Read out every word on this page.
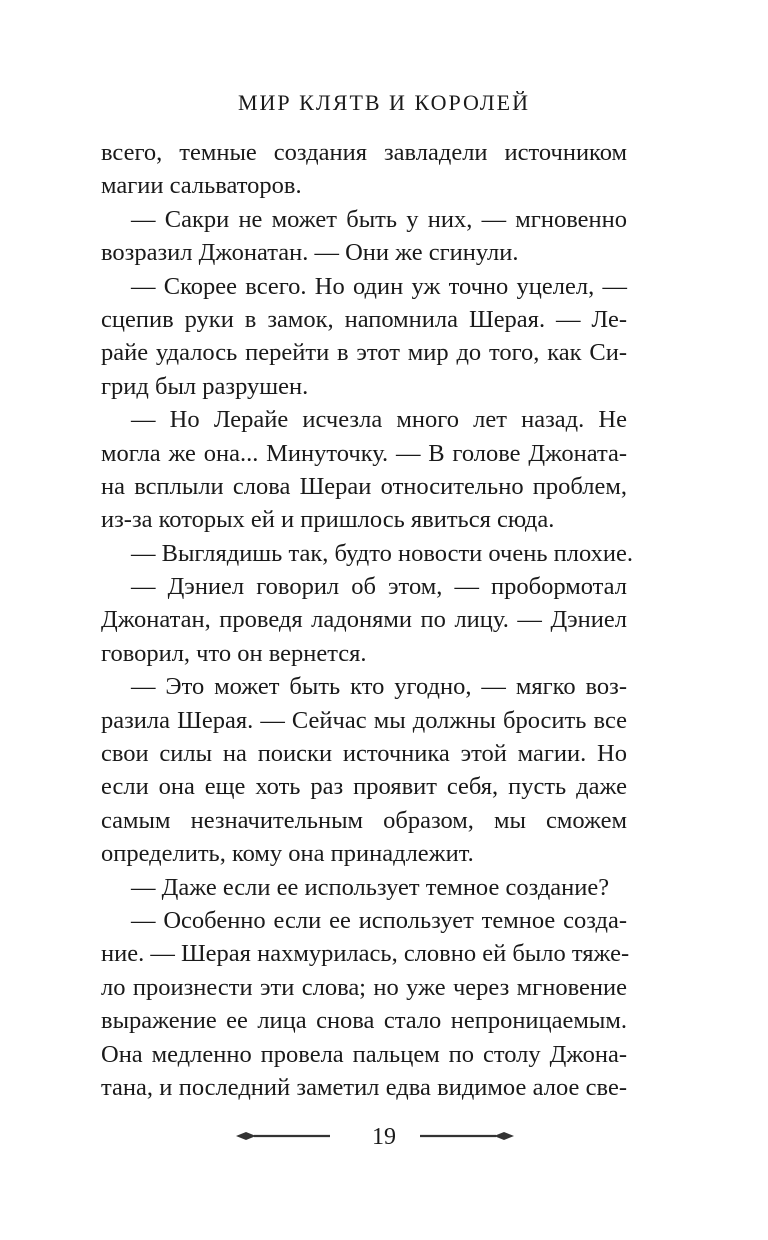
МИР КЛЯТВ И КОРОЛЕЙ
всего, темные создания завладели источником
магии сальваторов.
— Сакри не может быть у них, — мгновенно
возразил Джонатан. — Они же сгинули.
— Скорее всего. Но один уж точно уцелел, —
сцепив руки в замок, напомнила Шерая. — Ле-
райе удалось перейти в этот мир до того, как Си-
грид был разрушен.
— Но Лерайе исчезла много лет назад. Не
могла же она... Минуточку. — В голове Джоната-
на всплыли слова Шераи относительно проблем,
из-за которых ей и пришлось явиться сюда.
— Выглядишь так, будто новости очень плохие.
— Дэниел говорил об этом, — пробормотал
Джонатан, проведя ладонями по лицу. — Дэниел
говорил, что он вернется.
— Это может быть кто угодно, — мягко воз-
разила Шерая. — Сейчас мы должны бросить все
свои силы на поиски источника этой магии. Но
если она еще хоть раз проявит себя, пусть даже
самым незначительным образом, мы сможем
определить, кому она принадлежит.
— Даже если ее использует темное создание?
— Особенно если ее использует темное созда-
ние. — Шерая нахмурилась, словно ей было тяже-
ло произнести эти слова; но уже через мгновение
выражение ее лица снова стало непроницаемым.
Она медленно провела пальцем по столу Джона-
тана, и последний заметил едва видимое алое све-
19
